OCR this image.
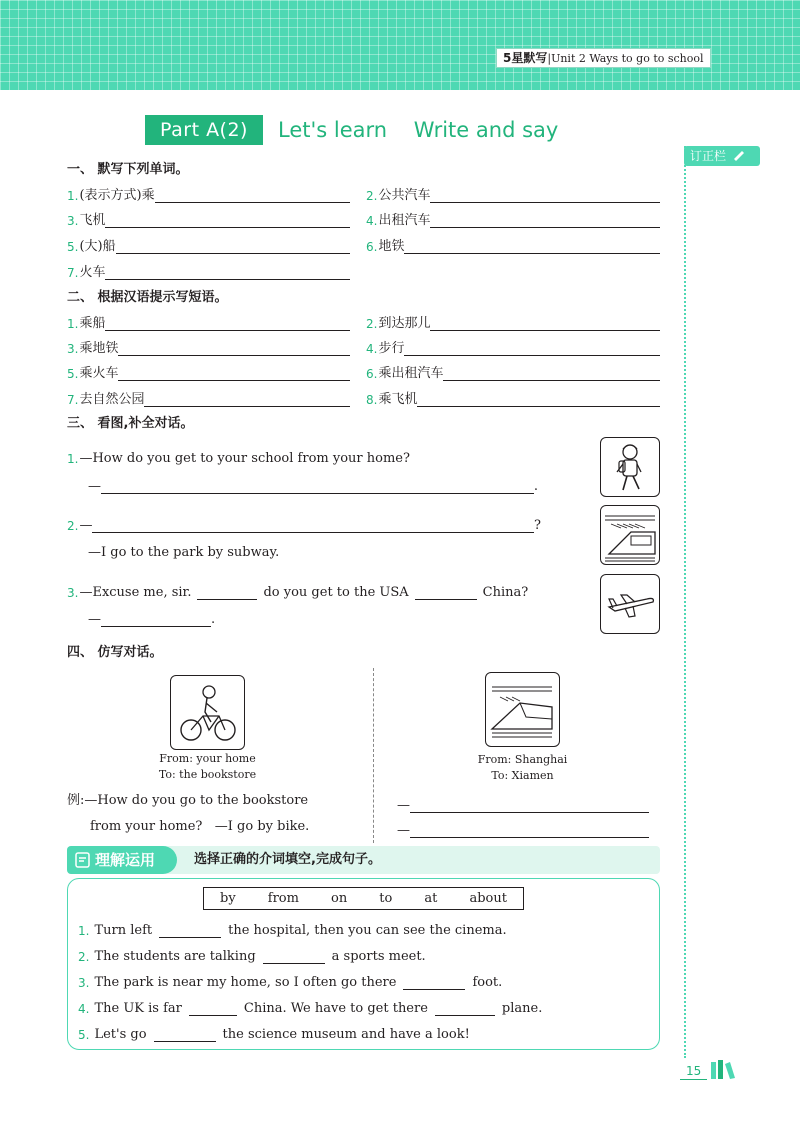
5星默写|Unit 2 Ways to go to school
Part A(2)	Let's learn    Write and say
订正栏
一、 默写下列单词。
1. (表示方式)乘	2. 公共汽车
3. 飞机	4. 出租汽车
5. (大)船	6. 地铁
7. 火车
二、 根据汉语提示写短语。
1. 乘船	2. 到达那儿
3. 乘地铁	4. 步行
5. 乘火车	6. 乘出租汽车
7. 去自然公园	8. 乘飞机
三、 看图,补全对话。
1. —How do you get to your school from your home?
—	.
2. —	?
—I go to the park by subway.
3. —Excuse me, sir.	do you get to the USA	China?
—	.
四、 仿写对话。
From: your home
To: the bookstore
例:—How do you go to the bookstore
from your home?   —I go by bike.
From: Shanghai
To: Xiamen
—
—
理解运用	选择正确的介词填空,完成句子。
by from on to at about
1. Turn left	the hospital, then you can see the cinema.
2. The students are talking	a sports meet.
3. The park is near my home, so I often go there	foot.
4. The UK is far	China. We have to get there	plane.
5. Let's go	the science museum and have a look!
15
